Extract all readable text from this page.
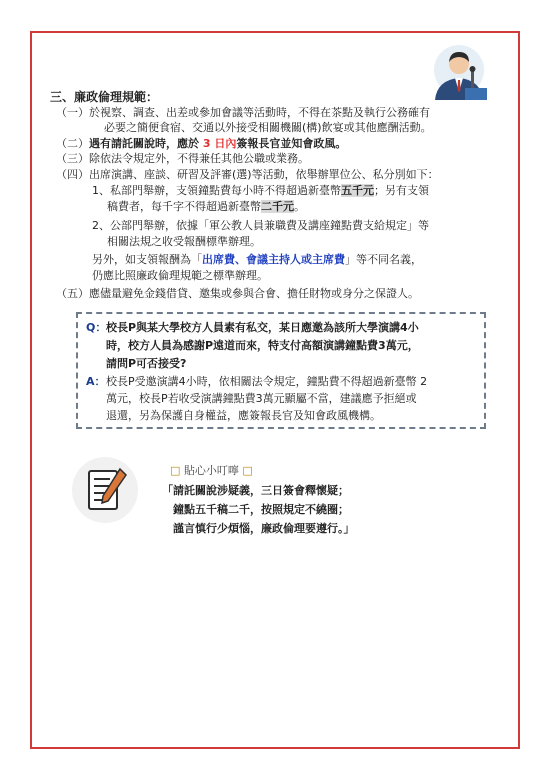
三、廉政倫理規範：
（一） 於視察、調查、出差或參加會議等活動時，不得在茶點及執行公務確有
必要之簡便食宿、交通以外接受相關機關(構)飲宴或其他應酬活動。
（二） 遇有請託關說時，應於 3 日內簽報長官並知會政風。
（三） 除依法令規定外，不得兼任其他公職或業務。
（四） 出席演講、座談、研習及評審(選)等活動，依舉辦單位公、私分別如下：
1、私部門舉辦，支領鐘點費每小時不得超過新臺幣五千元；另有支領
稿費者，每千字不得超過新臺幣二千元。
2、公部門舉辦，依據「軍公教人員兼職費及講座鐘點費支給規定」等
相關法規之收受報酬標準辦理。
另外，如支領報酬為「出席費、會議主持人或主席費」等不同名義，
仍應比照廉政倫理規範之標準辦理。
（五） 應儘量避免金錢借貸、邀集或參與合會、擔任財物或身分之保證人。
Q： 校長P與某大學校方人員素有私交，某日應邀為該所大學演講4小
時，校方人員為感謝P遠道而來，特支付高額演講鐘點費3萬元，
請問P可否接受?
A： 校長P受邀演講4小時，依相關法令規定，鐘點費不得超過新臺幣 2
萬元，校長P若收受演講鐘點費3萬元顯屬不當，建議應予拒絕或
退還，另為保護自身權益，應簽報長官及知會政風機構。
□ 貼心小叮嚀 □
「請託關說涉疑義，三日簽會釋懷疑；
鐘點五千稿二千，按照規定不繞圈；
謹言慎行少煩惱，廉政倫理要遵行。」
